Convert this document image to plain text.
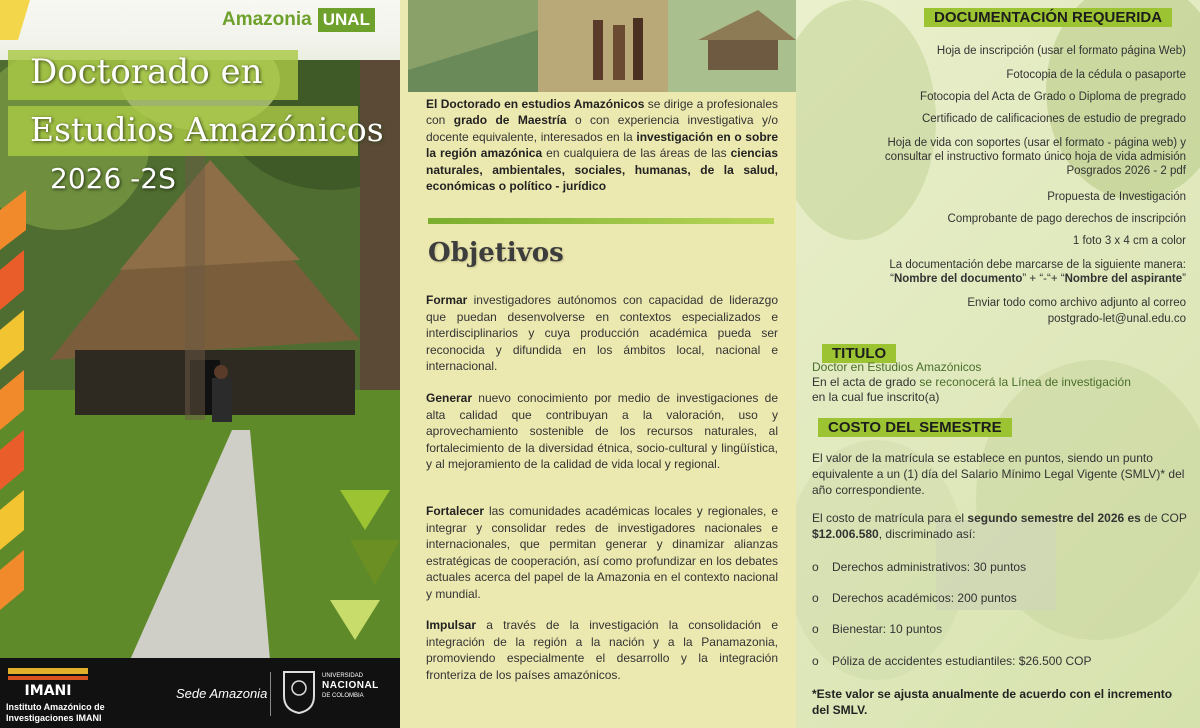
Amazonia UNAL
Doctorado en
Estudios Amazónicos
2026 -2S
IMANI
Instituto Amazónico de
Investigaciones IMANI
Sede Amazonia
UNIVERSIDAD
NACIONAL
DE COLOMBIA
El Doctorado en estudios Amazónicos se dirige a profesionales con grado de Maestría o con experiencia investigativa y/o docente equivalente, interesados en la investigación en o sobre la región amazónica en cualquiera de las áreas de las ciencias naturales, ambientales, sociales, humanas, de la salud, económicas o político - jurídico
Objetivos
Formar investigadores autónomos con capacidad de liderazgo que puedan desenvolverse en contextos especializados e interdisciplinarios y cuya producción académica pueda ser reconocida y difundida en los ámbitos local, nacional e internacional.
Generar nuevo conocimiento por medio de investigaciones de alta calidad que contribuyan a la valoración, uso y aprovechamiento sostenible de los recursos naturales, al fortalecimiento de la diversidad étnica, socio-cultural y lingüística, y al mejoramiento de la calidad de vida local y regional.
Fortalecer las comunidades académicas locales y regionales, e integrar y consolidar redes de investigadores nacionales e internacionales, que permitan generar y dinamizar alianzas estratégicas de cooperación, así como profundizar en los debates actuales acerca del papel de la Amazonia en el contexto nacional y mundial.
Impulsar a través de la investigación la consolidación e integración de la región a la nación y a la Panamazonia, promoviendo especialmente el desarrollo y la integración fronteriza de los países amazónicos.
DOCUMENTACIÓN REQUERIDA
Hoja de inscripción (usar el formato página Web)
Fotocopia de la cédula o pasaporte
Fotocopia del Acta de Grado o Diploma de pregrado
Certificado de calificaciones de estudio de pregrado
Hoja de vida con soportes (usar el formato - página web) y
consultar el instructivo formato único hoja de vida admisión
Posgrados 2026 - 2 pdf
Propuesta de Investigación
Comprobante de pago derechos de inscripción
1 foto 3 x 4 cm a color
La documentación debe marcarse de la siguiente manera:
“Nombre del documento” + “-“+ “Nombre del aspirante”
Enviar todo como archivo adjunto al correo
postgrado-let@unal.edu.co
TITULO
Doctor en Estudios Amazónicos
En el acta de grado se reconocerá la Línea de investigación
en la cual fue inscrito(a)
COSTO DEL SEMESTRE
El valor de la matrícula se establece en puntos, siendo un punto equivalente a un (1) día del Salario Mínimo Legal Vigente (SMLV)* del año correspondiente.
El costo de matrícula para el segundo semestre del 2026 es de COP $12.006.580, discriminado así:
o Derechos administrativos: 30 puntos
o Derechos académicos: 200 puntos
o Bienestar: 10 puntos
o Póliza de accidentes estudiantiles: $26.500 COP
*Este valor se ajusta anualmente de acuerdo con el incremento del SMLV.
